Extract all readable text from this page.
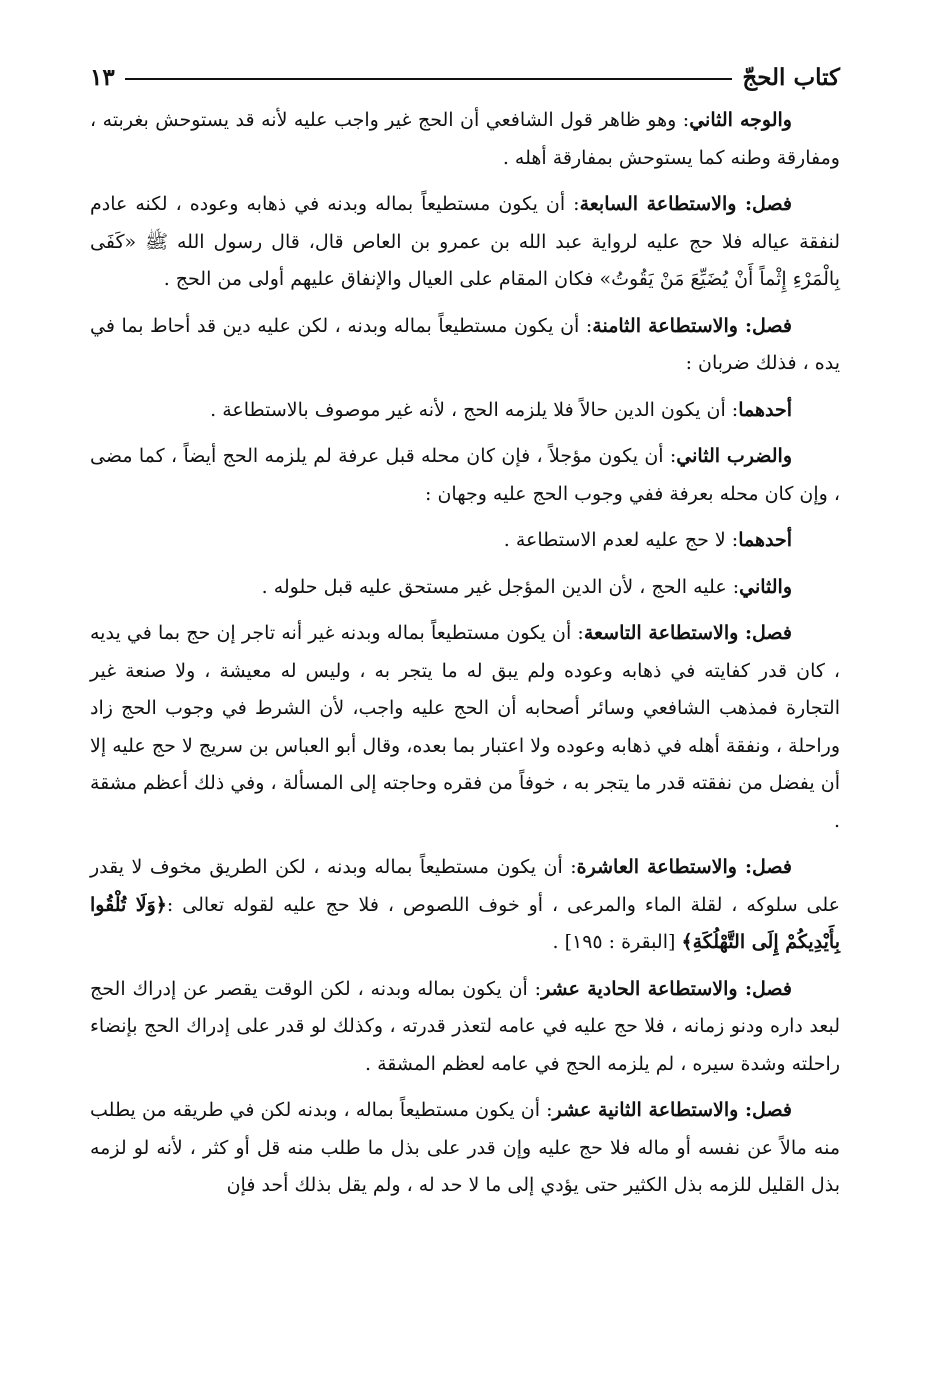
كتاب الحجّ
١٣

والوجه الثاني: وهو ظاهر قول الشافعي أن الحج غير واجب عليه لأنه قد يستوحش بغربته ، ومفارقة وطنه كما يستوحش بمفارقة أهله .

فصل: والاستطاعة السابعة: أن يكون مستطيعاً بماله وبدنه في ذهابه وعوده ، لكنه عادم لنفقة عياله فلا حج عليه لرواية عبد الله بن عمرو بن العاص قال، قال رسول الله ﷺ «كَفَى بِالْمَرْءِ إِثْماً أَنْ يُضَيِّعَ مَنْ يَقُوتُ» فكان المقام على العيال والإنفاق عليهم أولى من الحج .

فصل: والاستطاعة الثامنة: أن يكون مستطيعاً بماله وبدنه ، لكن عليه دين قد أحاط بما في يده ، فذلك ضربان :

أحدهما: أن يكون الدين حالاً فلا يلزمه الحج ، لأنه غير موصوف بالاستطاعة .

والضرب الثاني: أن يكون مؤجلاً ، فإن كان محله قبل عرفة لم يلزمه الحج أيضاً ، كما مضى ، وإن كان محله بعرفة ففي وجوب الحج عليه وجهان :

أحدهما: لا حج عليه لعدم الاستطاعة .

والثاني: عليه الحج ، لأن الدين المؤجل غير مستحق عليه قبل حلوله .

فصل: والاستطاعة التاسعة: أن يكون مستطيعاً بماله وبدنه غير أنه تاجر إن حج بما في يديه ، كان قدر كفايته في ذهابه وعوده ولم يبق له ما يتجر به ، وليس له معيشة ، ولا صنعة غير التجارة فمذهب الشافعي وسائر أصحابه أن الحج عليه واجب، لأن الشرط في وجوب الحج زاد وراحلة ، ونفقة أهله في ذهابه وعوده ولا اعتبار بما بعده، وقال أبو العباس بن سريج لا حج عليه إلا أن يفضل من نفقته قدر ما يتجر به ، خوفاً من فقره وحاجته إلى المسألة ، وفي ذلك أعظم مشقة .

فصل: والاستطاعة العاشرة: أن يكون مستطيعاً بماله وبدنه ، لكن الطريق مخوف لا يقدر على سلوكه ، لقلة الماء والمرعى ، أو خوف اللصوص ، فلا حج عليه لقوله تعالى :﴿وَلَا تُلْقُوا بِأَيْدِيكُمْ إِلَى التَّهْلُكَةِ﴾ [البقرة : ١٩٥] .

فصل: والاستطاعة الحادية عشر: أن يكون بماله وبدنه ، لكن الوقت يقصر عن إدراك الحج لبعد داره ودنو زمانه ، فلا حج عليه في عامه لتعذر قدرته ، وكذلك لو قدر على إدراك الحج بإنضاء راحلته وشدة سيره ، لم يلزمه الحج في عامه لعظم المشقة .

فصل: والاستطاعة الثانية عشر: أن يكون مستطيعاً بماله ، وبدنه لكن في طريقه من يطلب منه مالاً عن نفسه أو ماله فلا حج عليه وإن قدر على بذل ما طلب منه قل أو كثر ، لأنه لو لزمه بذل القليل للزمه بذل الكثير حتى يؤدي إلى ما لا حد له ، ولم يقل بذلك أحد فإن
